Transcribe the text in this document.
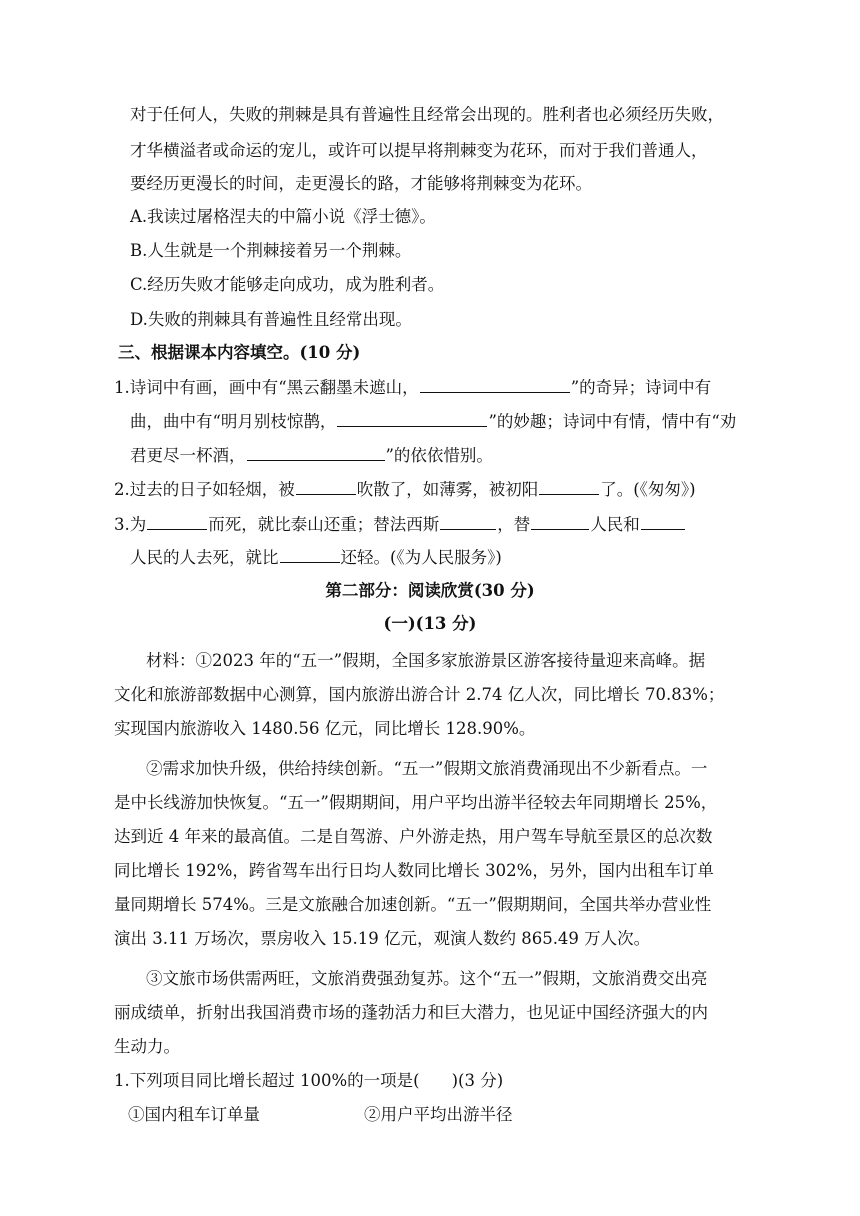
对于任何人，失败的荆棘是具有普遍性且经常会出现的。胜利者也必须经历失败，
才华横溢者或命运的宠儿，或许可以提早将荆棘变为花环，而对于我们普通人，
要经历更漫长的时间，走更漫长的路，才能够将荆棘变为花环。
A.我读过屠格涅夫的中篇小说《浮士德》。
B.人生就是一个荆棘接着另一个荆棘。
C.经历失败才能够走向成功，成为胜利者。
D.失败的荆棘具有普遍性且经常出现。
三、根据课本内容填空。(10 分)
1.诗词中有画，画中有“黑云翻墨未遮山，	”的奇异；诗词中有
曲，曲中有“明月别枝惊鹊，	”的妙趣；诗词中有情，情中有“劝
君更尽一杯酒，	”的依依惜别。
2.过去的日子如轻烟，被	吹散了，如薄雾，被初阳	了。(《匆匆》)
3.为	而死，就比泰山还重；替法西斯	，替	人民和
人民的人去死，就比	还轻。(《为人民服务》)
第二部分：阅读欣赏(30 分)
(一)(13 分)
材料：①2023 年的“五一”假期，全国多家旅游景区游客接待量迎来高峰。据
文化和旅游部数据中心测算，国内旅游出游合计 2.74 亿人次，同比增长 70.83%；
实现国内旅游收入 1480.56 亿元，同比增长 128.90%。
②需求加快升级，供给持续创新。“五一”假期文旅消费涌现出不少新看点。一
是中长线游加快恢复。“五一”假期期间，用户平均出游半径较去年同期增长 25%，
达到近 4 年来的最高值。二是自驾游、户外游走热，用户驾车导航至景区的总次数
同比增长 192%，跨省驾车出行日均人数同比增长 302%，另外，国内出租车订单
量同期增长 574%。三是文旅融合加速创新。“五一”假期期间，全国共举办营业性
演出 3.11 万场次，票房收入 15.19 亿元，观演人数约 865.49 万人次。
③文旅市场供需两旺，文旅消费强劲复苏。这个“五一”假期，文旅消费交出亮
丽成绩单，折射出我国消费市场的蓬勃活力和巨大潜力，也见证中国经济强大的内
生动力。
1.下列项目同比增长超过 100%的一项是( )(3 分)
①国内租车订单量	②用户平均出游半径
